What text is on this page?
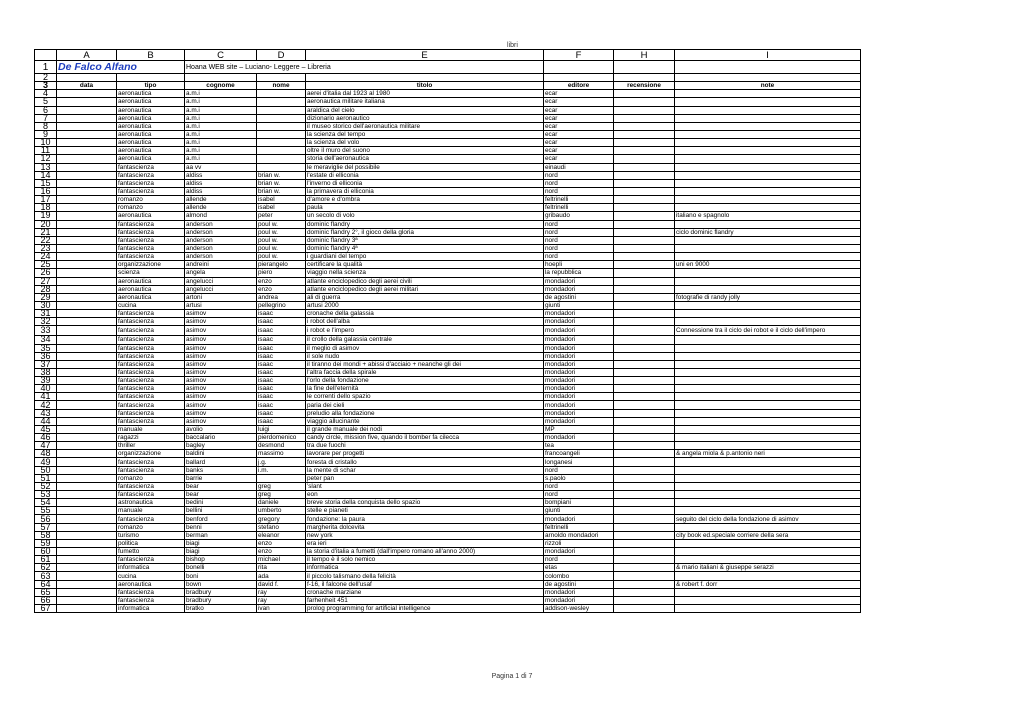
libri
	A	B	C	D	E	F	H	I
1	De Falco Alfano		Hoana WEB site – Luciano- Leggere – Libreria					
2								
3	data	tipo	cognome	nome	titolo	editore	recensione	note
4		aeronautica	a.m.i		aerei d'italia dal 1923 al 1980	ecar		
5		aeronautica	a.m.i		aeronautica militare italiana	ecar		
6		aeronautica	a.m.i		araldica del cielo	ecar		
7		aeronautica	a.m.i		dizionario aeronautico	ecar		
8		aeronautica	a.m.i		il museo storico dell'aeronautica militare	ecar		
9		aeronautica	a.m.i		la scienza del tempo	ecar		
10		aeronautica	a.m.i		la scienza del volo	ecar		
11		aeronautica	a.m.i		oltre il muro del suono	ecar		
12		aeronautica	a.m.i		storia dell'aeronautica	ecar		
13		fantascienza	aa vv		le meraviglie del possibile	einaudi		
14		fantascienza	aldiss	brian w.	l'estate di elliconia	nord		
15		fantascienza	aldiss	brian w.	l'inverno di elliconia	nord		
16		fantascienza	aldiss	brian w.	la primavera di elliconia	nord		
17		romanzo	allende	isabel	d'amore e d'ombra	feltrinelli		
18		romanzo	allende	isabel	paula	feltrinelli		
19		aeronautica	almond	peter	un secolo di volo	gribaudo		italiano e spagnolo
20		fantascienza	anderson	poul w.	dominic flandry	nord		
21		fantascienza	anderson	poul w.	dominic flandry 2°, il gioco della gloria	nord		ciclo dominic flandry
22		fantascienza	anderson	poul w.	dominic flandry 3ª	nord		
23		fantascienza	anderson	poul w.	dominic flandry 4ª	nord		
24		fantascienza	anderson	poul w.	i guardiani del tempo	nord		
25		organizzazione	andreini	pierangelo	certificare la qualità	hoepli		uni en 9000
26		scienza	angela	piero	viaggio nella scienza	la repubblica		
27		aeronautica	angelucci	enzo	atlante enciclopedico degli aerei civili	mondadori		
28		aeronautica	angelucci	enzo	atlante enciclopedico degli aerei militari	mondadori		
29		aeronautica	artoni	andrea	ali di guerra	de agostini		fotografie di randy jolly
30		cucina	artusi	pellegrino	artusi 2000	giunti		
31		fantascienza	asimov	isaac	cronache della galassia	mondadori		
32		fantascienza	asimov	isaac	i robot dell'alba	mondadori		
33		fantascienza	asimov	isaac	i robot e l'impero	mondadori		Connessione tra il ciclo dei robot e il ciclo dell'impero
34		fantascienza	asimov	isaac	il crollo della galassia centrale	mondadori		
35		fantascienza	asimov	isaac	il meglio di asimov	mondadori		
36		fantascienza	asimov	isaac	il sole nudo	mondadori		
37		fantascienza	asimov	isaac	il tiranno dei mondi + abissi d'acciaio + neanche gli dei	mondadori		
38		fantascienza	asimov	isaac	l'altra faccia della spirale	mondadori		
39		fantascienza	asimov	isaac	l'orlo della fondazione	mondadori		
40		fantascienza	asimov	isaac	la fine dell'eternità	mondadori		
41		fantascienza	asimov	isaac	le correnti dello spazio	mondadori		
42		fantascienza	asimov	isaac	paria dei cieli	mondadori		
43		fantascienza	asimov	isaac	preludio alla fondazione	mondadori		
44		fantascienza	asimov	isaac	viaggio allucinante	mondadori		
45		manuale	avolio	luigi	il grande manuale dei nodi	MP		
46		ragazzi	baccalario	pierdomenico	candy circle, mission five, quando il bomber fa cilecca	mondadori		
47		thriller	bagley	desmond	tra due fuochi	tea		
48		organizzazione	baldini	massimo	lavorare per progetti	francoangeli		& angela miola & p.antonio neri
49		fantascienza	ballard	j.g.	foresta di cristallo	longanesi		
50		fantascienza	banks	i.m.	la mente di schar	nord		
51		romanzo	barrie		peter pan	s.paolo		
52		fantascienza	bear	greg	'slant	nord		
53		fantascienza	bear	greg	eon	nord		
54		astronautica	bedini	daniele	breve storia della conquista dello spazio	bompiani		
55		manuale	bellini	umberto	stelle e pianeti	giunti		
56		fantascienza	benford	gregory	fondazione: la paura	mondadori		seguito del ciclo della fondazione di asimov
57		romanzo	benni	stefano	margherita dolcevita	feltrinelli		
58		turismo	berman	eleanor	new york	arnoldo mondadori		city book ed.speciale corriere della sera
59		politica	biagi	enzo	era ieri	rizzoli		
60		fumetto	biagi	enzo	la storia d'italia a fumetti (dall'impero romano all'anno 2000)	mondadori		
61		fantascienza	bishop	michael	il tempo è il solo nemico	nord		
62		informatica	bonelli	rita	informatica	etas		& mario italiani & giuseppe serazzi
63		cucina	boni	ada	il piccolo talismano della felicità	colombo		
64		aeronautica	bown	david f.	f-16, il falcone dell'usaf	de agostini		& robert f. dorr
65		fantascienza	bradbury	ray	cronache marziane	mondadori		
66		fantascienza	bradbury	ray	farhenheit 451	mondadori		
67		informatica	bratko	ivan	prolog programming for artificial intelligence	addison-wesley		
Pagina 1 di 7
